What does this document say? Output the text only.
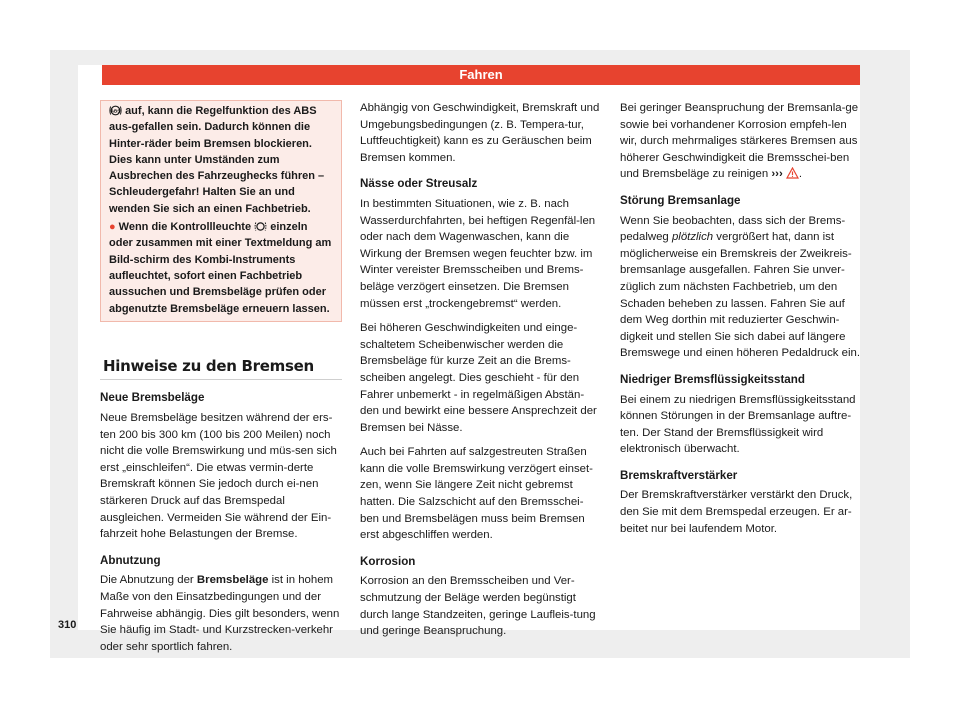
Fahren

ABS auf, kann die Regelfunktion des ABS aus-gefallen sein. Dadurch können die Hinter-räder beim Bremsen blockieren. Dies kann unter Umständen zum Ausbrechen des Fahrzeughecks führen – Schleudergefahr! Halten Sie an und wenden Sie sich an einen Fachbetrieb.

● Wenn die Kontrollleuchte einzeln oder zusammen mit einer Textmeldung am Bild-schirm des Kombi-Instruments aufleuchtet, sofort einen Fachbetrieb aussuchen und Bremsbeläge prüfen oder abgenutzte Bremsbeläge erneuern lassen.

Hinweise zu den Bremsen
Neue Bremsbeläge

Neue Bremsbeläge besitzen während der ers-ten 200 bis 300 km (100 bis 200 Meilen) noch nicht die volle Bremswirkung und müs-sen sich erst „einschleifen“. Die etwas vermin-derte Bremskraft können Sie jedoch durch ei-nen stärkeren Druck auf das Bremspedal ausgleichen. Vermeiden Sie während der Ein-fahrzeit hohe Belastungen der Bremse.

Abnutzung

Die Abnutzung der Bremsbeläge ist in hohem Maße von den Einsatzbedingungen und der Fahrweise abhängig. Dies gilt besonders, wenn Sie häufig im Stadt- und Kurzstrecken-verkehr oder sehr sportlich fahren.

Abhängig von Geschwindigkeit, Bremskraft und Umgebungsbedingungen (z. B. Tempera-tur, Luftfeuchtigkeit) kann es zu Geräuschen beim Bremsen kommen.

Nässe oder Streusalz

In bestimmten Situationen, wie z. B. nach Wasserdurchfahrten, bei heftigen Regenfäl-len oder nach dem Wagenwaschen, kann die Wirkung der Bremsen wegen feuchter bzw. im Winter vereister Bremsscheiben und Brems-beläge verzögert einsetzen. Die Bremsen müssen erst „trockengebremst“ werden.

Bei höheren Geschwindigkeiten und einge-schaltetem Scheibenwischer werden die Bremsbeläge für kurze Zeit an die Brems-scheiben angelegt. Dies geschieht - für den Fahrer unbemerkt - in regelmäßigen Abstän-den und bewirkt eine bessere Ansprechzeit der Bremsen bei Nässe.

Auch bei Fahrten auf salzgestreuten Straßen kann die volle Bremswirkung verzögert einset-zen, wenn Sie längere Zeit nicht gebremst hatten. Die Salzschicht auf den Bremsschei-ben und Bremsbelägen muss beim Bremsen erst abgeschliffen werden.

Korrosion

Korrosion an den Bremsscheiben und Ver-schmutzung der Beläge werden begünstigt durch lange Standzeiten, geringe Laufleis-tung und geringe Beanspruchung.

Bei geringer Beanspruchung der Bremsanla-ge sowie bei vorhandener Korrosion empfeh-len wir, durch mehrmaliges stärkeres Bremsen aus höherer Geschwindigkeit die Bremsschei-ben und Bremsbeläge zu reinigen ››› .

Störung Bremsanlage

Wenn Sie beobachten, dass sich der Brems-pedalweg plötzlich vergrößert hat, dann ist möglicherweise ein Bremskreis der Zweikreis-bremsanlage ausgefallen. Fahren Sie unver-züglich zum nächsten Fachbetrieb, um den Schaden beheben zu lassen. Fahren Sie auf dem Weg dorthin mit reduzierter Geschwin-digkeit und stellen Sie sich dabei auf längere Bremswege und einen höheren Pedaldruck ein.

Niedriger Bremsflüssigkeitsstand

Bei einem zu niedrigen Bremsflüssigkeitsstand können Störungen in der Bremsanlage auftre-ten. Der Stand der Bremsflüssigkeit wird elektronisch überwacht.

Bremskraftverstärker

Der Bremskraftverstärker verstärkt den Druck, den Sie mit dem Bremspedal erzeugen. Er ar-beitet nur bei laufendem Motor.

310
